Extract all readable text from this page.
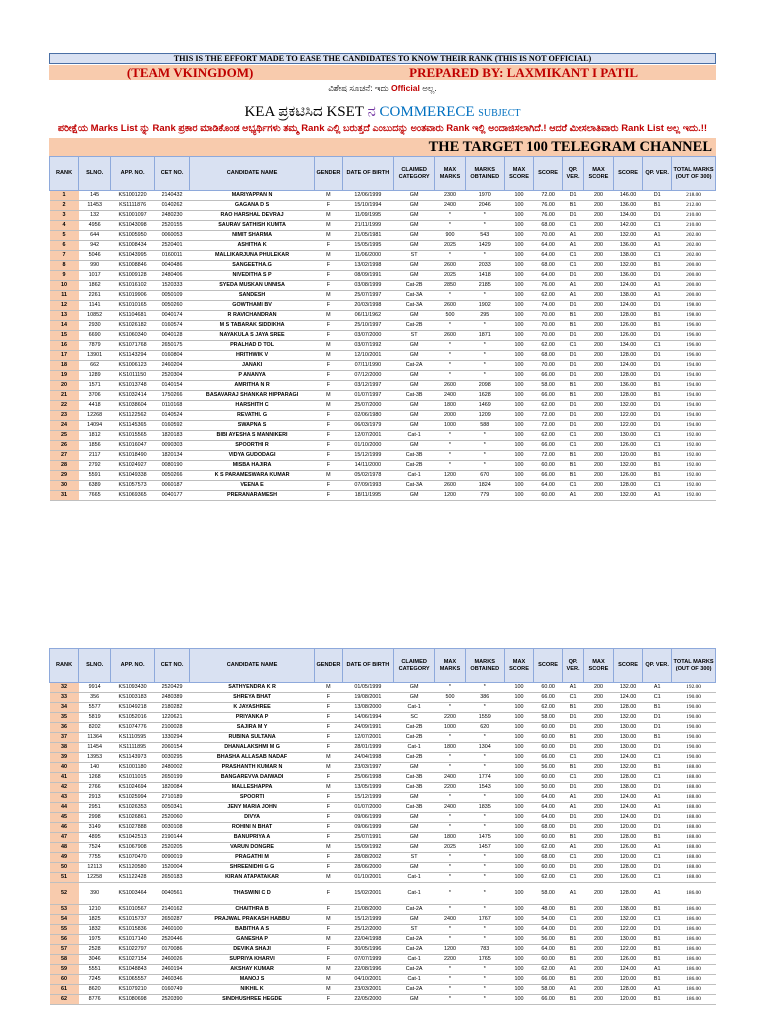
THIS IS THE EFFORT MADE TO EASE THE CANDIDATES TO KNOW THEIR RANK (THIS IS NOT OFFICIAL)
(TEAM VKINGDOM)	PREPARED BY: LAXMIKANT I PATIL
ವಿಶೇಷ ಸೂಚನೆ: ಇದು Official ಅಲ್ಲ.
KEA ಪ್ರಕಟಿಸಿದ KSET ನ COMMERECE SUBJECT
ಪರೀಕ್ಷೆಯ Marks List ನ್ನು Rank ಪ್ರಕಾರ ಮಾಡಿಕೊಂಡ ಅಭ್ಯರ್ಥಿಗಳು ತಮ್ಮ Rank ಎಲ್ಲಿ ಬರುತ್ತದೆ ಎಂಬುದನ್ನು ಅಂತವಾರು Rank ಇಲ್ಲಿ ಅಂದಾಜಿಸಲಾಗಿದೆ.! ಆದರೆ ಮೀಸಲಾತಿವಾರು Rank List ಅಲ್ಲ ಇದು.!!
THE TARGET 100 TELEGRAM CHANNEL
RANK	SLNO.	APP. NO.	CET NO.	CANDIDATE NAME	GENDER	DATE OF BIRTH	CLAIMED CATEGORY	MAX MARKS	MARKS OBTAINED	MAX SCORE	SCORE	QP. VER.	MAX SCORE	SCORE	QP. VER.	TOTAL MARKS (OUT OF 300)
1	145	KS1001220	2140432	MARIYAPPAN N	M	12/06/1999	GM	2300	1970	100	72.00	D1	200	146.00	D1	218.00
2	11453	KS1111876	0140262	GAGANA D S	F	15/10/1994	GM	2400	2046	100	76.00	B1	200	136.00	B1	212.00
3	132	KS1001097	2480230	RAO HARSHAL DEVRAJ	M	11/09/1995	GM	*	*	100	76.00	D1	200	134.00	D1	210.00
4	4956	KS1043098	2520155	SAURAV SATHISH KUMTA	M	21/11/1999	GM	*	*	100	68.00	C1	200	142.00	C1	210.00
5	644	KS1005950	0060053	NIMIT SHARMA	M	21/05/1981	GM	900	543	100	70.00	A1	200	132.00	A1	202.00
6	942	KS1008434	2520401	ASHITHA K	F	15/05/1995	GM	2025	1429	100	64.00	A1	200	136.00	A1	202.00
7	5046	KS1043995	0160011	MALLIKARJUNA PHULEKAR	M	11/06/2000	ST	*	*	100	64.00	C1	200	138.00	C1	202.00
8	990	KS1008846	0040486	SANGEETHA.G	F	13/02/1998	GM	2600	2033	100	68.00	C1	200	132.00	B1	200.00
9	1017	KS1009128	2480406	NIVEDITHA S P	F	08/09/1991	GM	2025	1418	100	64.00	D1	200	136.00	D1	200.00
10	1862	KS1016102	1520333	SYEDA MUSKAN UNNISA	F	03/08/1999	Cat-2B	2850	2185	100	76.00	A1	200	124.00	A1	200.00
11	2261	KS1019906	0050109	SANDESH	M	25/07/1997	Cat-3A	*	*	100	62.00	A1	200	138.00	A1	200.00
12	1141	KS1010165	0050260	GOWTHAMI BV	F	20/03/1998	Cat-3A	2600	1902	100	74.00	D1	200	124.00	D1	198.00
13	10852	KS1104681	0040174	R RAVICHANDRAN	M	06/11/1962	GM	500	295	100	70.00	B1	200	128.00	B1	198.00
14	2930	KS1026182	0160574	M S TABARAK SIDDIKHA	F	25/10/1997	Cat-2B	*	*	100	70.00	B1	200	126.00	B1	196.00
15	6690	KS1060340	0040128	NAYAKULA S JAYA SREE	F	03/07/2000	ST	2600	1871	100	70.00	D1	200	126.00	D1	196.00
16	7879	KS1071768	2650175	PRALHAD D TOL	M	03/07/1992	GM	*	*	100	62.00	C1	200	134.00	C1	196.00
17	13901	KS1143294	0160804	HRITHWIK V	M	12/10/2001	GM	*	*	100	68.00	D1	200	128.00	D1	196.00
18	662	KS1006123	2460204	JANAKI	F	07/11/1990	Cat-2A	*	*	100	70.00	D1	200	124.00	D1	194.00
19	1289	KS1011150	2520304	P ANANYA	F	07/12/2000	GM	*	*	100	66.00	D1	200	128.00	D1	194.00
20	1571	KS1013748	0140154	AMRITHA N R	F	03/12/1997	GM	2600	2098	100	58.00	B1	200	136.00	B1	194.00
21	3706	KS1032414	1750266	BASAVARAJ SHANKAR HIPPARAGI	M	01/07/1997	Cat-3B	2400	1628	100	66.00	B1	200	128.00	B1	194.00
22	4418	KS1038604	0110168	HARSHITH C	M	25/07/2000	GM	1800	1469	100	62.00	D1	200	132.00	D1	194.00
23	12268	KS1122562	0140524	REVATHI. G	F	02/06/1980	GM	2000	1209	100	72.00	D1	200	122.00	D1	194.00
24	14094	KS1145365	0160592	SWAPNA S	F	06/03/1979	GM	1000	588	100	72.00	D1	200	122.00	D1	194.00
25	1812	KS1015565	1820183	BIBI AYESHA S MANNIKERI	F	12/07/2001	Cat-1	*	*	100	62.00	C1	200	130.00	C1	192.00
26	1856	KS1016047	0090303	SPOORTHI R	F	01/10/2000	GM	*	*	100	66.00	C1	200	126.00	C1	192.00
27	2117	KS1018490	1820134	VIDYA GUDODAGI	F	15/12/1999	Cat-3B	*	*	100	72.00	B1	200	120.00	B1	192.00
28	2792	KS1024927	0080190	MISBA HAJIRA	F	14/11/2000	Cat-2B	*	*	100	60.00	B1	200	132.00	B1	192.00
29	5591	KS1049338	0050266	K S PARAMESWARA KUMAR	M	05/02/1978	Cat-1	1200	670	100	66.00	B1	200	126.00	B1	192.00
30	6389	KS1057573	0060187	VEENA E	F	07/09/1993	Cat-3A	2600	1824	100	64.00	C1	200	128.00	C1	192.00
31	7665	KS1069365	0040177	PRERANARAMESH	F	18/11/1995	GM	1200	779	100	60.00	A1	200	132.00	A1	192.00
RANK	SLNO.	APP. NO.	CET NO.	CANDIDATE NAME	GENDER	DATE OF BIRTH	CLAIMED CATEGORY	MAX MARKS	MARKS OBTAINED	MAX SCORE	SCORE	QP. VER.	MAX SCORE	SCORE	QP. VER.	TOTAL MARKS (OUT OF 300)
32	9914	KS1093430	2520429	SATHYENDRA K R	M	01/05/1999	GM	*	*	100	60.00	A1	200	132.00	A1	192.00
33	356	KS1003183	2480389	SHREYA BHAT	F	19/08/2001	GM	500	386	100	66.00	C1	200	124.00	C1	190.00
34	5577	KS1049218	2180282	K JAYASHREE	F	13/08/2000	Cat-1	*	*	100	62.00	B1	200	128.00	B1	190.00
35	5819	KS1052016	1220621	PRIYANKA P	F	14/06/1994	SC	2200	1559	100	58.00	D1	200	132.00	D1	190.00
36	8202	KS1074776	2100028	SAJIRA M Y	F	24/09/1991	Cat-2B	1000	620	100	60.00	D1	200	130.00	D1	190.00
37	11364	KS1110595	1330294	RUBINA SULTANA	F	12/07/2001	Cat-2B	*	*	100	60.00	B1	200	130.00	B1	190.00
38	11454	KS1111895	2060154	DHANALAKSHMI M G	F	28/01/1999	Cat-1	1800	1304	100	60.00	D1	200	130.00	D1	190.00
39	13953	KS1143973	0030295	BHASHA ALLASAB NADAF	M	24/04/1998	Cat-2B	*	*	100	66.00	C1	200	124.00	C1	190.00
40	140	KS1001180	2480002	PRASHANTH KUMAR N	M	23/03/1997	GM	*	*	100	56.00	B1	200	132.00	B1	188.00
41	1268	KS1011015	2650199	BANGAREVVA DAIWADI	F	25/06/1998	Cat-3B	2400	1774	100	60.00	C1	200	128.00	C1	188.00
42	2766	KS1024694	1820084	MALLESHAPPA	M	13/05/1999	Cat-3B	2200	1543	100	50.00	D1	200	138.00	D1	188.00
43	2913	KS1025994	2710189	SPOORTI	F	15/12/1999	GM	*	*	100	64.00	A1	200	124.00	A1	188.00
44	2951	KS1026353	0050341	JENY MARIA JOHN	F	01/07/2000	Cat-3B	2400	1835	100	64.00	A1	200	124.00	A1	188.00
45	2998	KS1026861	2520060	DIVYA	F	09/06/1999	GM	*	*	100	64.00	D1	200	124.00	D1	188.00
46	3149	KS1027888	0030108	ROHINI N BHAT	F	09/06/1999	GM	*	*	100	68.00	D1	200	120.00	D1	188.00
47	4895	KS1042513	2190144	BANUPRIYA A	F	25/07/1991	GM	1800	1475	100	60.00	B1	200	128.00	B1	188.00
48	7524	KS1067908	2520205	VARUN DONGRE	M	15/09/1992	GM	2025	1457	100	62.00	A1	200	126.00	A1	188.00
49	7755	KS1070470	0090019	PRAGATHI M	F	28/08/2002	ST	*	*	100	68.00	C1	200	120.00	C1	188.00
50	12113	KS1120580	1520004	SHREENIDHI G G	F	28/06/2000	GM	*	*	100	60.00	D1	200	128.00	D1	188.00
51	12258	KS1122428	2650183	KIRAN ATAPATAKAR	M	01/10/2001	Cat-1	*	*	100	62.00	C1	200	126.00	C1	188.00
52	390	KS1003464	0040561	THASWINI C D	F	15/02/2001	Cat-1	*	*	100	58.00	A1	200	128.00	A1	186.00
53	1210	KS1010567	2140162	CHAITHRA B	F	21/08/2000	Cat-2A	*	*	100	48.00	B1	200	138.00	B1	186.00
54	1825	KS1015737	2650287	PRAJWAL PRAKASH HABBU	M	15/12/1999	GM	2400	1767	100	54.00	C1	200	132.00	C1	186.00
55	1832	KS1015836	2460100	BABITHA A S	F	25/12/2000	ST	*	*	100	64.00	D1	200	122.00	D1	186.00
56	1975	KS1017140	2520446	GANESHA P	M	22/04/1998	Cat-2A	*	*	100	56.00	B1	200	130.00	B1	186.00
57	2528	KS1022797	0170086	DEVIKA SHAJI	F	30/05/1996	Cat-2A	1200	783	100	64.00	B1	200	122.00	B1	186.00
58	3046	KS1027154	2460026	SUPRIYA KHARVI	F	07/07/1999	Cat-1	2200	1765	100	60.00	B1	200	126.00	B1	186.00
59	5551	KS1048843	2460194	AKSHAY KUMAR	M	22/08/1996	Cat-2A	*	*	100	62.00	A1	200	124.00	A1	186.00
60	7245	KS1065557	2460346	MANOJ S	M	04/10/2001	Cat-1	*	*	100	66.00	B1	200	120.00	B1	186.00
61	8620	KS1079210	0160749	NIKHIL K	M	23/03/2001	Cat-2A	*	*	100	58.00	A1	200	128.00	A1	186.00
62	8776	KS1080698	2520390	SINDHUSHREE HEGDE	F	22/05/2000	GM	*	*	100	66.00	B1	200	120.00	B1	186.00
